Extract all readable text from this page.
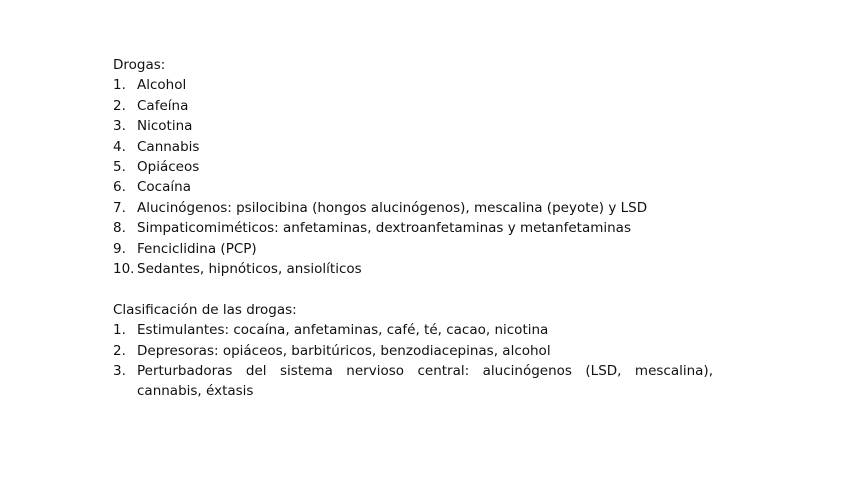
Drogas:
1. Alcohol
2. Cafeína
3. Nicotina
4. Cannabis
5. Opiáceos
6. Cocaína
7. Alucinógenos: psilocibina (hongos alucinógenos), mescalina (peyote) y LSD
8. Simpaticomiméticos: anfetaminas, dextroanfetaminas y metanfetaminas
9. Fenciclidina (PCP)
10. Sedantes, hipnóticos, ansiolíticos
Clasificación de las drogas:
1. Estimulantes: cocaína, anfetaminas, café, té, cacao, nicotina
2. Depresoras: opiáceos, barbitúricos, benzodiacepinas, alcohol
3. Perturbadoras del sistema nervioso central: alucinógenos (LSD, mescalina), cannabis, éxtasis
